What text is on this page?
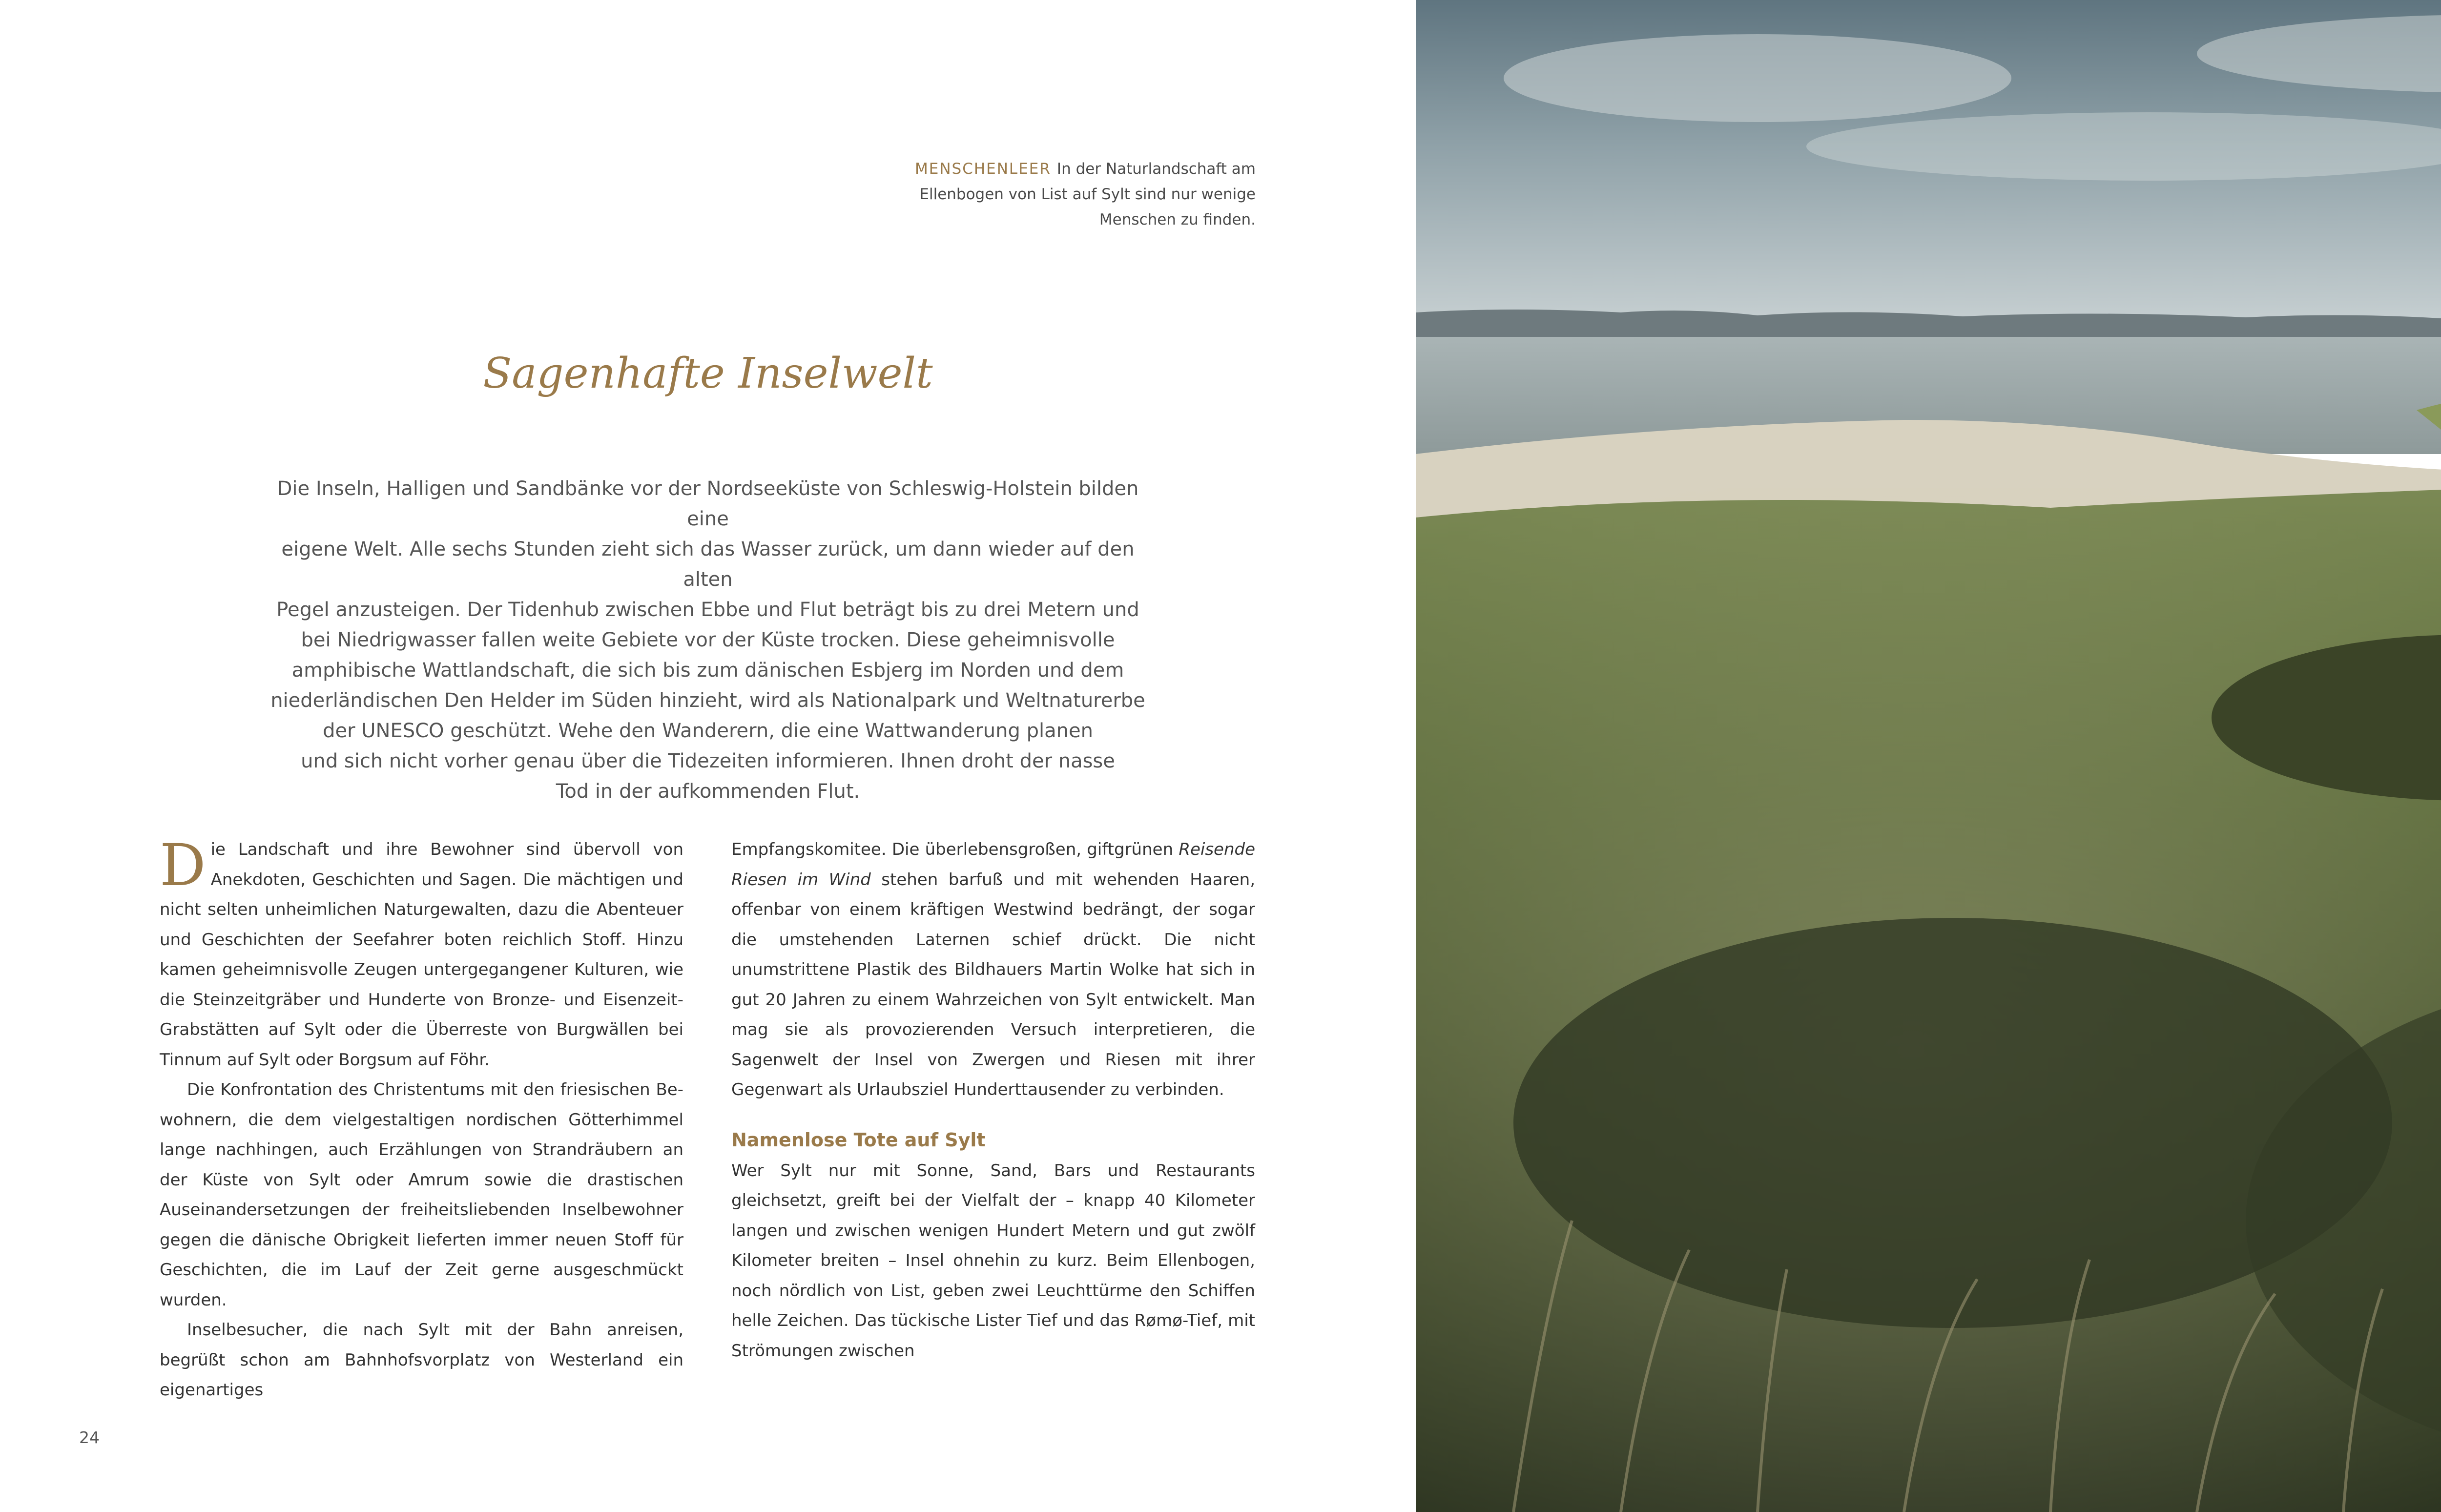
MENSCHENLEER In der Naturlandschaft am
Ellenbogen von List auf Sylt sind nur wenige
Menschen zu finden.
Sagenhafte Inselwelt
Die Inseln, Halligen und Sandbänke vor der Nordseeküste von Schleswig-Holstein bilden eine
eigene Welt. Alle sechs Stunden zieht sich das Wasser zurück, um dann wieder auf den alten
Pegel anzusteigen. Der Tidenhub zwischen Ebbe und Flut beträgt bis zu drei Metern und
bei Niedrigwasser fallen weite Gebiete vor der Küste trocken. Diese geheimnisvolle
amphibische Wattlandschaft, die sich bis zum dänischen Esbjerg im Norden und dem
niederländischen Den Helder im Süden hinzieht, wird als Nationalpark und Weltnaturerbe
der UNESCO geschützt. Wehe den Wanderern, die eine Wattwanderung planen
und sich nicht vorher genau über die Tidezeiten informieren. Ihnen droht der nasse
Tod in der aufkommenden Flut.

Die Landschaft und ihre Bewohner sind übervoll von Anekdoten, Geschichten und Sagen. Die mächtigen und nicht selten unheimlichen Naturgewalten, dazu die Abenteuer und Geschichten der Seefahrer boten reichlich Stoff. Hinzu kamen geheimnisvolle Zeugen untergegangener Kulturen, wie die Steinzeitgräber und Hunderte von Bronze- und Eisenzeit-Grabstätten auf Sylt oder die Überreste von Burgwällen bei Tinnum auf Sylt oder Borgsum auf Föhr.

Die Konfrontation des Christentums mit den friesischen Bewohnern, die dem vielgestaltigen nordischen Götterhimmel lange nachhingen, auch Erzählungen von Strandräubern an der Küste von Sylt oder Amrum sowie die drastischen Auseinandersetzungen der freiheitsliebenden Inselbewohner gegen die dänische Obrigkeit lieferten immer neuen Stoff für Geschichten, die im Lauf der Zeit gerne ausgeschmückt wurden.

Inselbesucher, die nach Sylt mit der Bahn anreisen, begrüßt schon am Bahnhofsvorplatz von Westerland ein eigenartiges

Empfangskomitee. Die überlebensgroßen, giftgrünen Reisende Riesen im Wind stehen barfuß und mit wehenden Haaren, offenbar von einem kräftigen Westwind bedrängt, der sogar die umstehenden Laternen schief drückt. Die nicht unumstrittene Plastik des Bildhauers Martin Wolke hat sich in gut 20 Jahren zu einem Wahrzeichen von Sylt entwickelt. Man mag sie als provozierenden Versuch interpretieren, die Sagenwelt der Insel von Zwergen und Riesen mit ihrer Gegenwart als Urlaubsziel Hunderttausender zu verbinden.

Namenlose Tote auf Sylt

Wer Sylt nur mit Sonne, Sand, Bars und Restaurants gleichsetzt, greift bei der Vielfalt der – knapp 40 Kilometer langen und zwischen wenigen Hundert Metern und gut zwölf Kilometer breiten – Insel ohnehin zu kurz. Beim Ellenbogen, noch nördlich von List, geben zwei Leuchttürme den Schiffen helle Zeichen. Das tückische Lister Tief und das Rømø-Tief, mit Strömungen zwischen

24
